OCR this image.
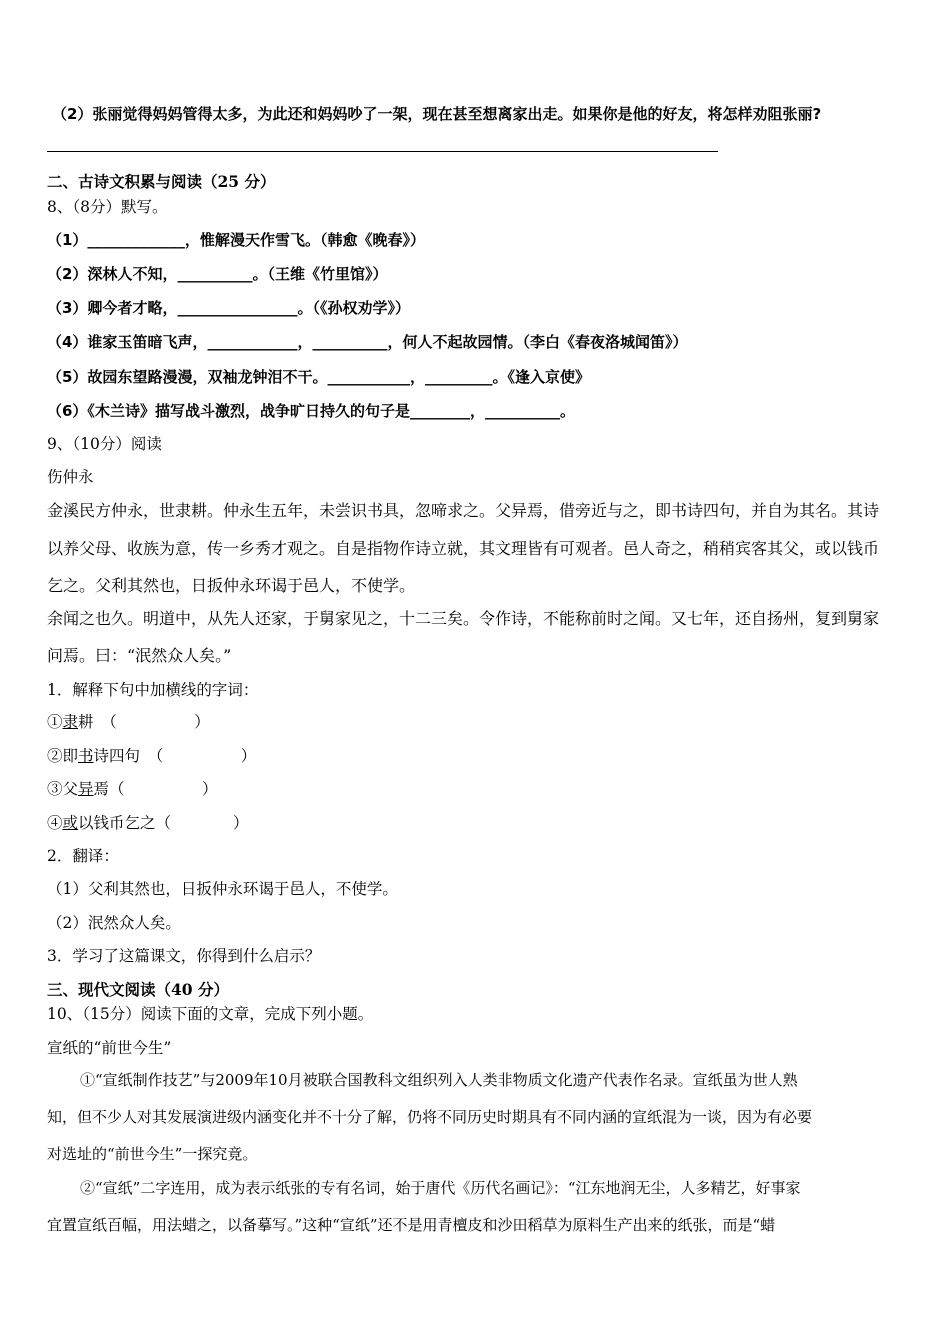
（2）张丽觉得妈妈管得太多，为此还和妈妈吵了一架，现在甚至想离家出走。如果你是他的好友，将怎样劝阻张丽?
二、古诗文积累与阅读（25 分）
8、（8分）默写。
（1）_____________，惟解漫天作雪飞。（韩愈《晚春》）
（2）深林人不知，__________。（王维《竹里馆》）
（3）卿今者才略，________________。（《孙权劝学》）
（4）谁家玉笛暗飞声，____________，__________，何人不起故园情。（李白《春夜洛城闻笛》）
（5）故园东望路漫漫，双袖龙钟泪不干。___________，_________。《逢入京使》
（6）《木兰诗》描写战斗激烈，战争旷日持久的句子是________，__________。
9、（10分）阅读
伤仲永
金溪民方仲永，世隶耕。仲永生五年，未尝识书具，忽啼求之。父异焉，借旁近与之，即书诗四句，并自为其名。其诗
以养父母、收族为意，传一乡秀才观之。自是指物作诗立就，其文理皆有可观者。邑人奇之，稍稍宾客其父，或以钱币
乞之。父利其然也，日扳仲永环谒于邑人，不使学。
余闻之也久。明道中，从先人还家，于舅家见之，十二三矣。令作诗，不能称前时之闻。又七年，还自扬州，复到舅家
问焉。曰：“泯然众人矣。”
1．解释下句中加横线的字词：
①隶耕　（　　　　　）
②即书诗四句　（　　　　　）
③父异焉（　　　　　）
④或以钱币乞之（　　　　）
2．翻译：
（1）父利其然也，日扳仲永环谒于邑人，不使学。
（2）泯然众人矣。
3．学习了这篇课文，你得到什么启示？
三、现代文阅读（40 分）
10、（15分）阅读下面的文章，完成下列小题。
宣纸的“前世今生”
①“宣纸制作技艺”与2009年10月被联合国教科文组织列入人类非物质文化遗产代表作名录。宣纸虽为世人熟
知，但不少人对其发展演进级内涵变化并不十分了解，仍将不同历史时期具有不同内涵的宣纸混为一谈，因为有必要
对选址的“前世今生”一探究竟。
②“宣纸”二字连用，成为表示纸张的专有名词，始于唐代《历代名画记》：“江东地润无尘，人多精艺，好事家
宜置宣纸百幅，用法蜡之，以备摹写。”这种“宣纸”还不是用青檀皮和沙田稻草为原料生产出来的纸张，而是“蜡
